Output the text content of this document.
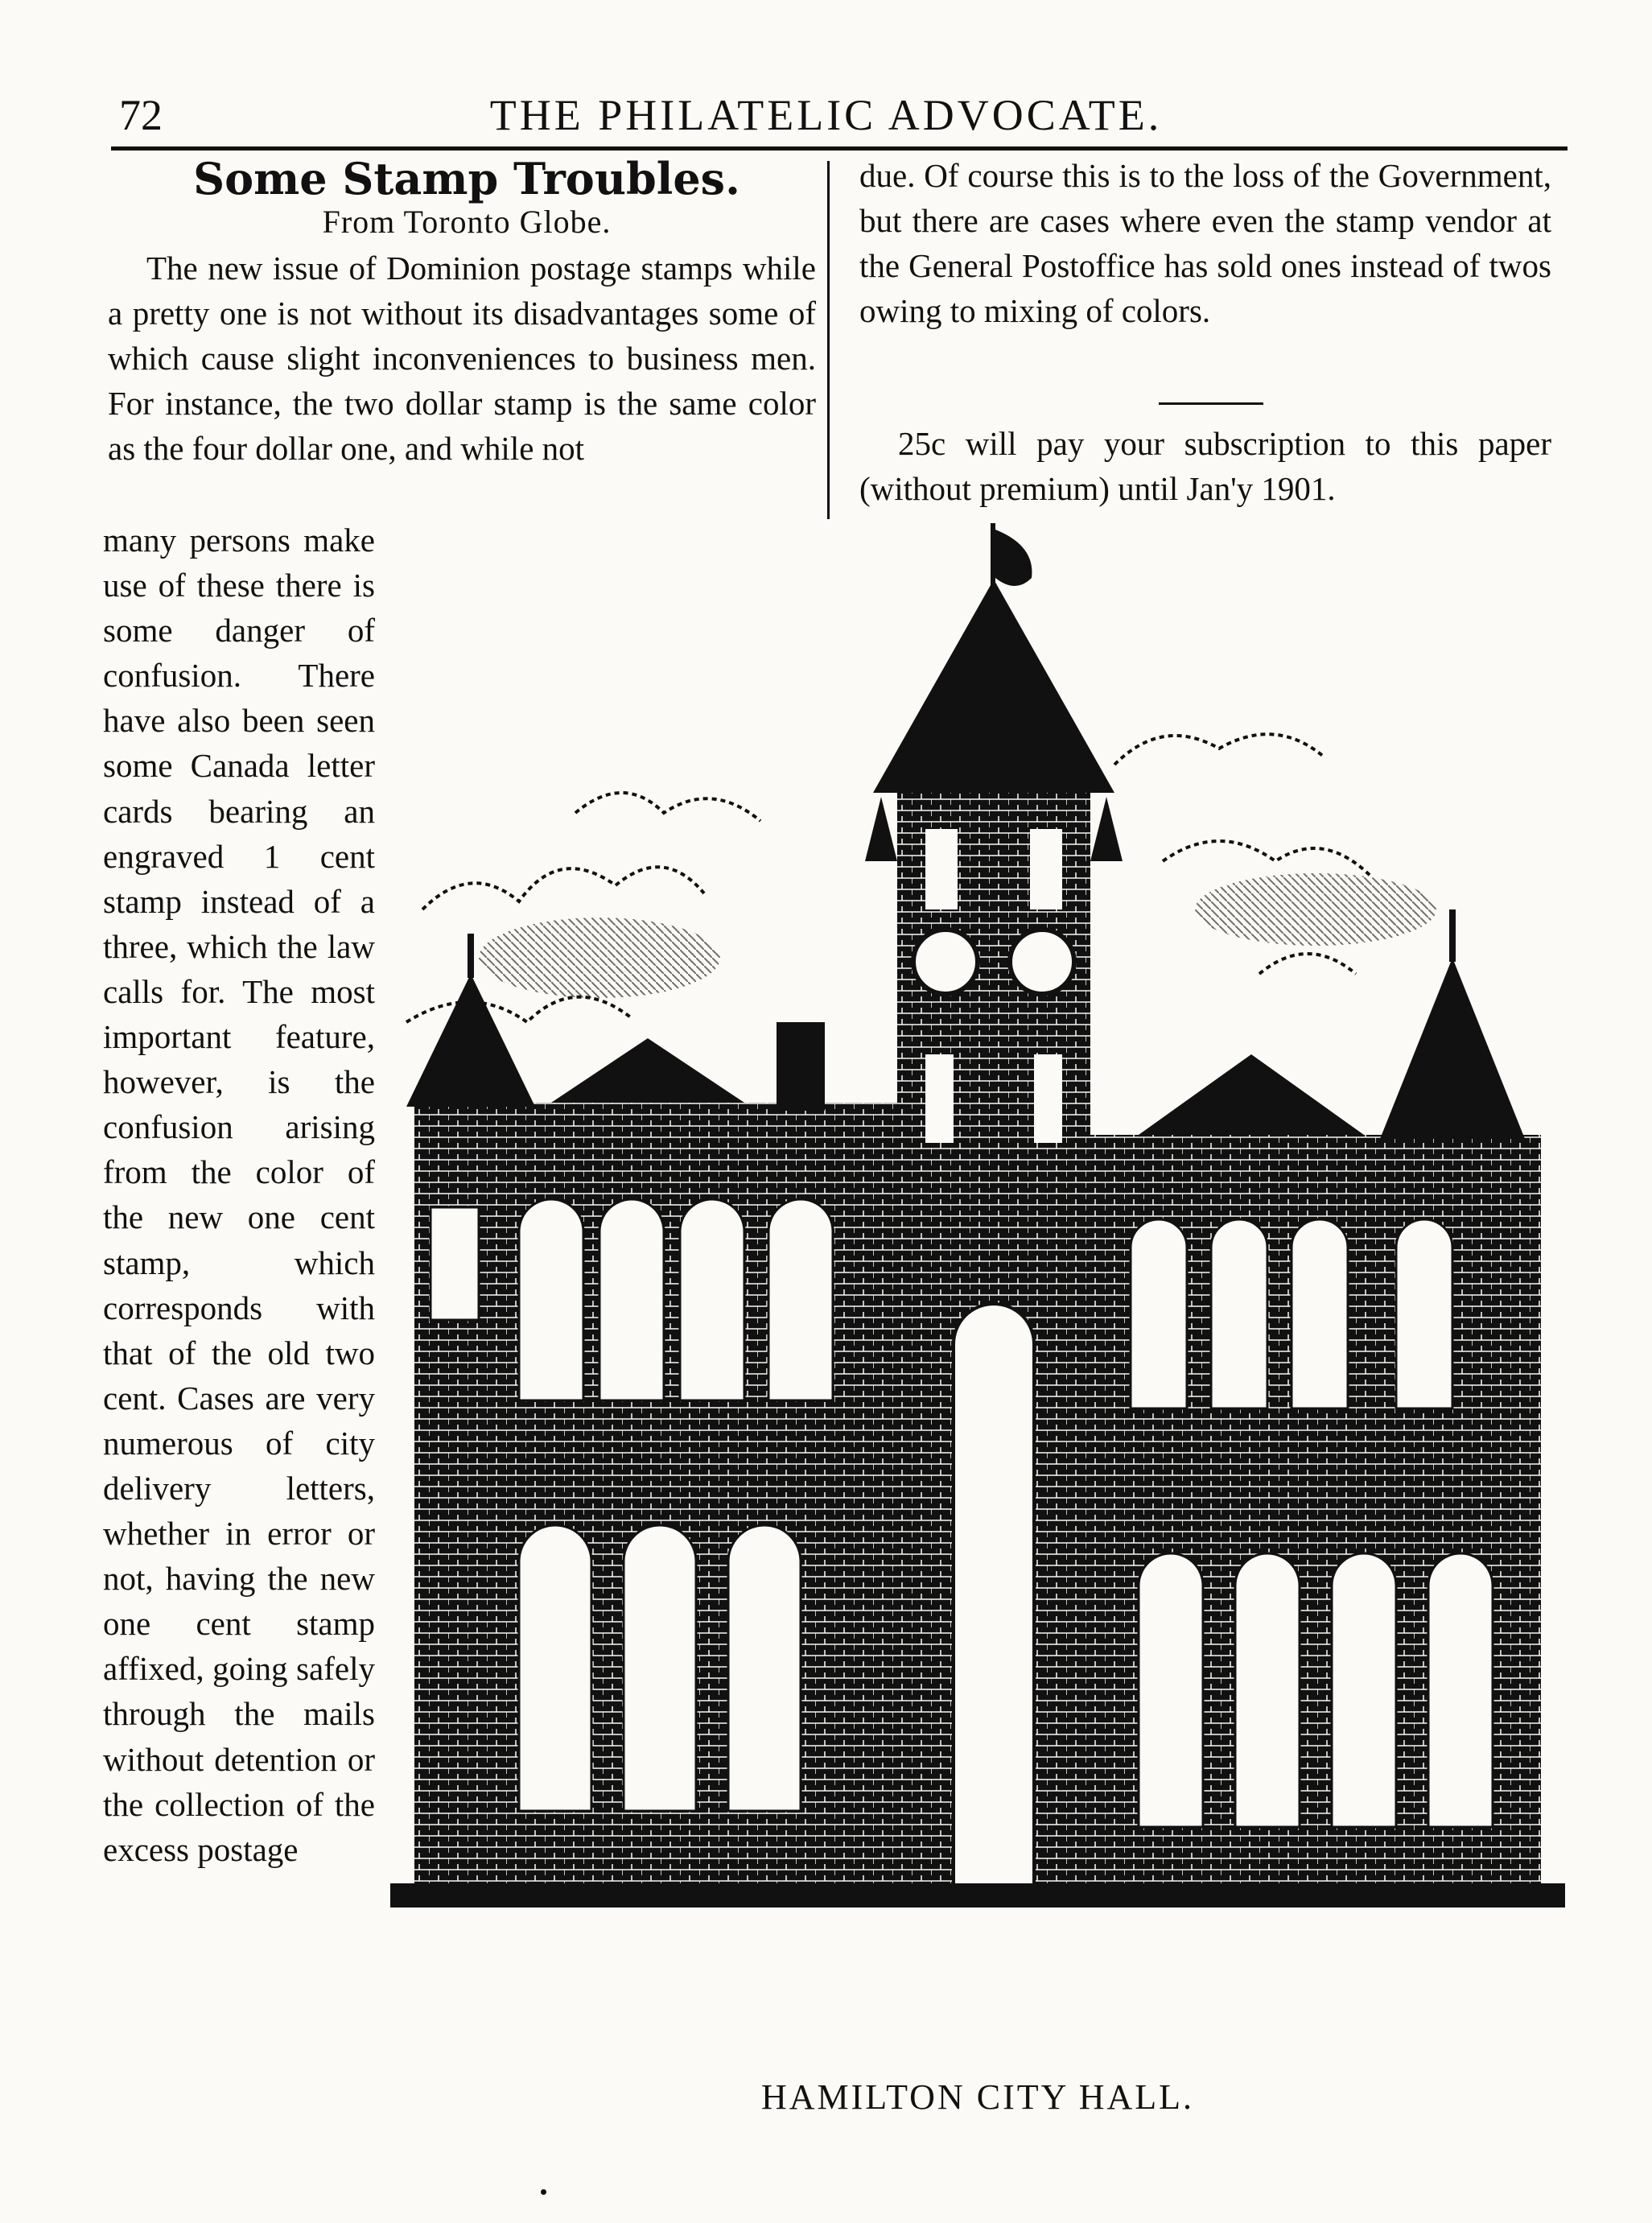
72	THE PHILATELIC ADVOCATE.
Some Stamp Troubles.
From Toronto Globe.
The new issue of Dominion postage stamps while a pretty one is not without its disadvantages some of which cause slight inconveniences to business men. For instance, the two dollar stamp is the same color as the four dollar one, and while not
many persons make use of these there is some danger of confusion. There have also been seen some Canada letter cards bearing an engraved 1 cent stamp instead of a three, which the law calls for. The most important feature, however, is the confusion arising from the color of the new one cent stamp, which corresponds with that of the old two cent. Cases are very numerous of city delivery letters, whether in error or not, having the new one cent stamp affixed, going safely through the mails without detention or the collection of the excess postage
due. Of course this is to the loss of the Government, but there are cases where even the stamp vendor at the General Postoffice has sold ones instead of twos owing to mixing of colors.
25c will pay your subscription to this paper (without premium) until Jan'y 1901.
HAMILTON CITY HALL.
